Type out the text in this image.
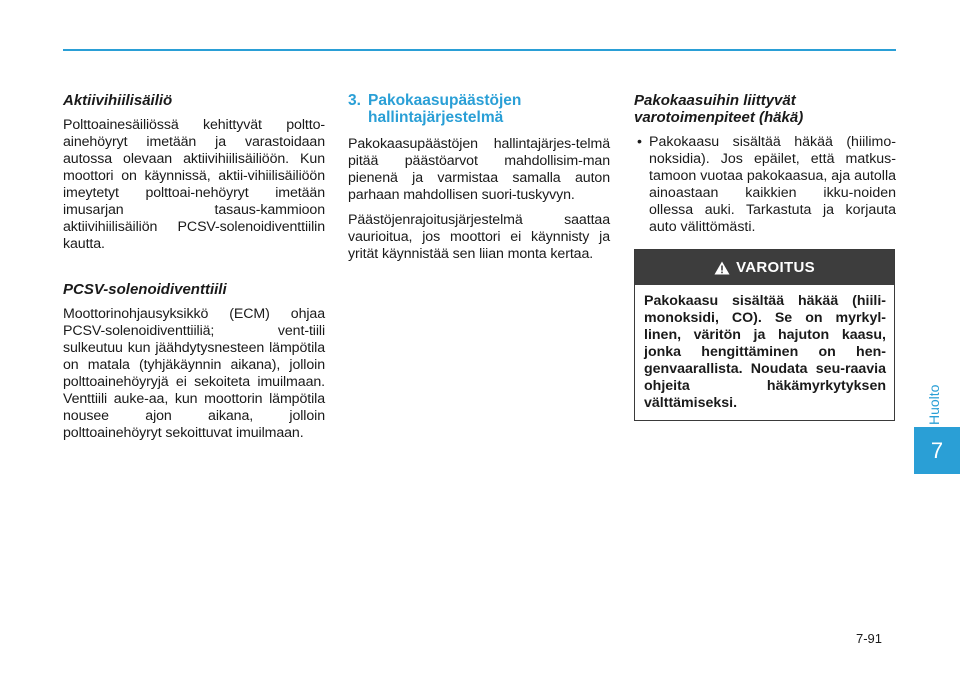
Aktiivihiilisäiliö

Polttoainesäiliössä kehittyvät poltto-ainehöyryt imetään ja varastoidaan autossa olevaan aktiivihiilisäiliöön. Kun moottori on käynnissä, aktii-vihiilisäiliöön imeytetyt polttoai-nehöyryt imetään imusarjan tasaus-kammioon aktiivihiilisäiliön PCSV-solenoidiventtiilin kautta.

PCSV-solenoidiventtiili

Moottorinohjausyksikkö (ECM) ohjaa PCSV-solenoidiventtiiliä; vent-tiili sulkeutuu kun jäähdytysnesteen lämpötila on matala (tyhjäkäynnin aikana), jolloin polttoainehöyryjä ei sekoiteta imuilmaan. Venttiili auke-aa, kun moottorin lämpötila nousee ajon aikana, jolloin polttoainehöyryt sekoittuvat imuilmaan.

3. Pakokaasupäästöjen hallintajärjestelmä

Pakokaasupäästöjen hallintajärjes-telmä pitää päästöarvot mahdollisim-man pienenä ja varmistaa samalla auton parhaan mahdollisen suori-tuskyvyn.

Päästöjenrajoitusjärjestelmä saattaa vaurioitua, jos moottori ei käynnisty ja yrität käynnistää sen liian monta kertaa.

Pakokaasuihin liittyvät varotoimenpiteet (häkä)
• Pakokaasu sisältää häkää (hiilimo-noksidia). Jos epäilet, että matkus-tamoon vuotaa pakokaasua, aja autolla ainoastaan kaikkien ikku-noiden ollessa auki. Tarkastuta ja korjauta auto välittömästi.
VAROITUS
Pakokaasu sisältää häkää (hiili-monoksidi, CO). Se on myrkyl-linen, väritön ja hajuton kaasu, jonka hengittäminen on hen-genvaarallista. Noudata seu-raavia ohjeita häkämyrkytyksen välttämiseksi.	Huolto
7
7-91
